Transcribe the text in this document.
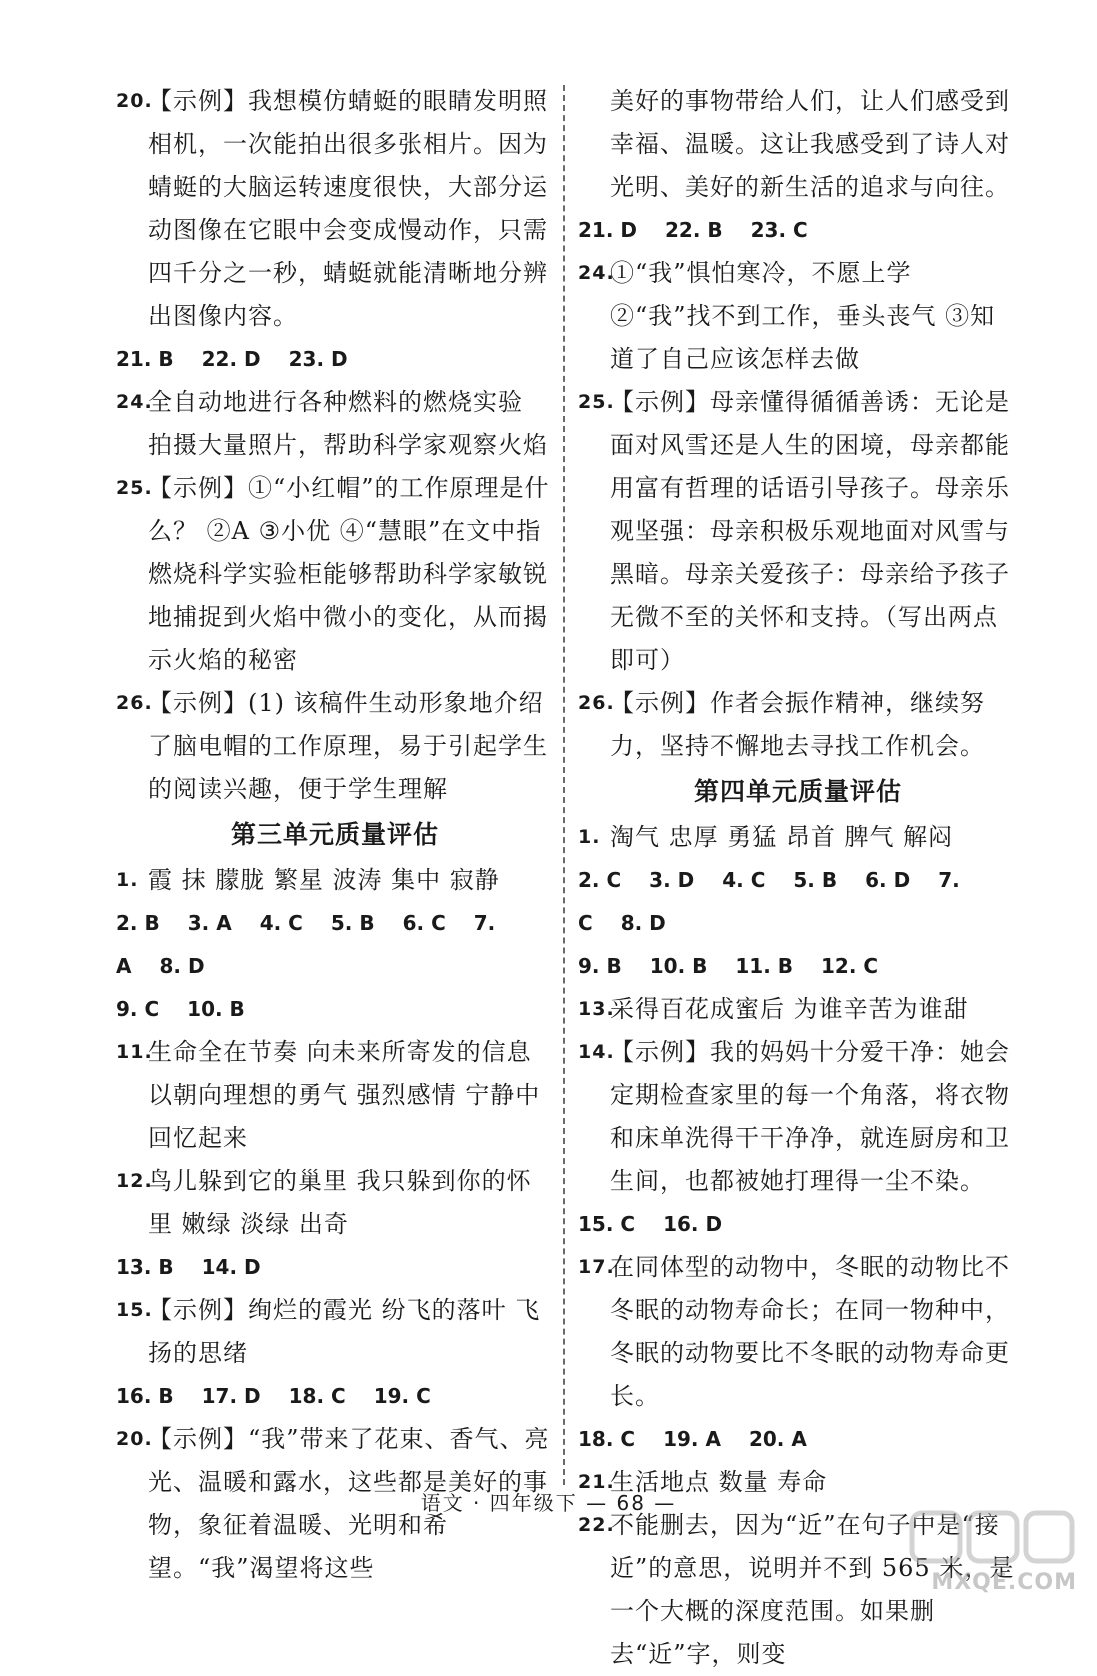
20.
【示例】我想模仿蜻蜓的眼睛发明照相机，一次能拍出很多张相片。因为蜻蜓的大脑运转速度很快，大部分运动图像在它眼中会变成慢动作，只需四千分之一秒，蜻蜓就能清晰地分辨出图像内容。
21. B 22. D 23. D
24.
全自动地进行各种燃料的燃烧实验 拍摄大量照片，帮助科学家观察火焰
25.
【示例】①“小红帽”的工作原理是什么？ ②A ③小优 ④“慧眼”在文中指燃烧科学实验柜能够帮助科学家敏锐地捕捉到火焰中微小的变化，从而揭示火焰的秘密
26.
【示例】(1) 该稿件生动形象地介绍了脑电帽的工作原理，易于引起学生的阅读兴趣，便于学生理解
第三单元质量评估
1. 霞 抹 朦胧 繁星 波涛 集中 寂静
2. B 3. A 4. C 5. B 6. C 7. A 8. D
9. C 10. B
11.
生命全在节奏 向未来所寄发的信息 以朝向理想的勇气 强烈感情 宁静中回忆起来
12.
鸟儿躲到它的巢里 我只躲到你的怀里 嫩绿 淡绿 出奇
13. B 14. D
15.
【示例】绚烂的霞光 纷飞的落叶 飞扬的思绪
16. B 17. D 18. C 19. C
20.
【示例】“我”带来了花束、香气、亮光、温暖和露水，这些都是美好的事物，象征着温暖、光明和希望。“我”渴望将这些
美好的事物带给人们，让人们感受到幸福、温暖。这让我感受到了诗人对光明、美好的新生活的追求与向往。
21. D 22. B 23. C
24.
①“我”惧怕寒冷，不愿上学 ②“我”找不到工作，垂头丧气 ③知道了自己应该怎样去做
25.
【示例】母亲懂得循循善诱：无论是面对风雪还是人生的困境，母亲都能用富有哲理的话语引导孩子。母亲乐观坚强：母亲积极乐观地面对风雪与黑暗。母亲关爱孩子：母亲给予孩子无微不至的关怀和支持。（写出两点即可）
26.
【示例】作者会振作精神，继续努力，坚持不懈地去寻找工作机会。
第四单元质量评估
1. 淘气 忠厚 勇猛 昂首 脾气 解闷
2. C 3. D 4. C 5. B 6. D 7. C 8. D
9. B 10. B 11. B 12. C
13.
采得百花成蜜后 为谁辛苦为谁甜
14.
【示例】我的妈妈十分爱干净：她会定期检查家里的每一个角落，将衣物和床单洗得干干净净，就连厨房和卫生间，也都被她打理得一尘不染。
15. C 16. D
17.
在同体型的动物中，冬眠的动物比不冬眠的动物寿命长；在同一物种中，冬眠的动物要比不冬眠的动物寿命更长。
18. C 19. A 20. A
21.
生活地点 数量 寿命
22.
不能删去，因为“近”在句子中是“接近”的意思，说明并不到 565 米，是一个大概的深度范围。如果删去“近”字，则变
语文 · 四年级下 — 68 —
MXQE.COM
